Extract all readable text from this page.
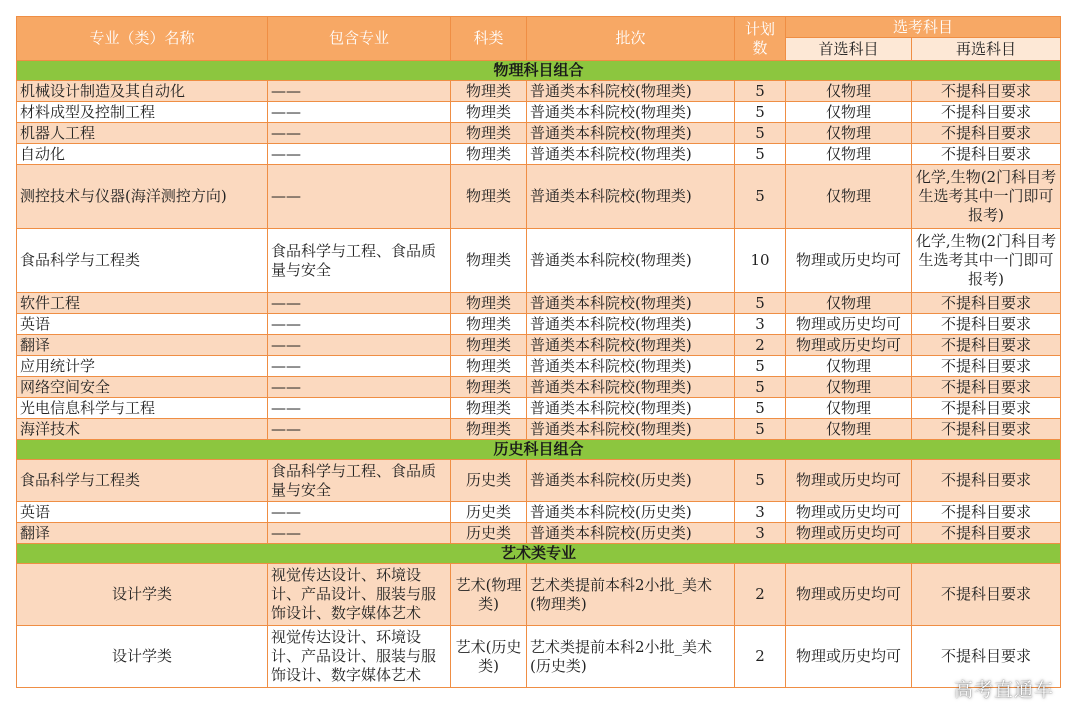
专业（类）名称	包含专业	科类	批次	计划数	选考科目	
					首选科目	再选科目
物理科目组合						
机械设计制造及其自动化	——	物理类	普通类本科院校(物理类)	5	仅物理	不提科目要求
材料成型及控制工程	——	物理类	普通类本科院校(物理类)	5	仅物理	不提科目要求
机器人工程	——	物理类	普通类本科院校(物理类)	5	仅物理	不提科目要求
自动化	——	物理类	普通类本科院校(物理类)	5	仅物理	不提科目要求
测控技术与仪器(海洋测控方向)	——	物理类	普通类本科院校(物理类)	5	仅物理	化学,生物(2门科目考生选考其中一门即可报考)
食品科学与工程类	食品科学与工程、食品质量与安全	物理类	普通类本科院校(物理类)	10	物理或历史均可	化学,生物(2门科目考生选考其中一门即可报考)
软件工程	——	物理类	普通类本科院校(物理类)	5	仅物理	不提科目要求
英语	——	物理类	普通类本科院校(物理类)	3	物理或历史均可	不提科目要求
翻译	——	物理类	普通类本科院校(物理类)	2	物理或历史均可	不提科目要求
应用统计学	——	物理类	普通类本科院校(物理类)	5	仅物理	不提科目要求
网络空间安全	——	物理类	普通类本科院校(物理类)	5	仅物理	不提科目要求
光电信息科学与工程	——	物理类	普通类本科院校(物理类)	5	仅物理	不提科目要求
海洋技术	——	物理类	普通类本科院校(物理类)	5	仅物理	不提科目要求
历史科目组合						
食品科学与工程类	食品科学与工程、食品质量与安全	历史类	普通类本科院校(历史类)	5	物理或历史均可	不提科目要求
英语	——	历史类	普通类本科院校(历史类)	3	物理或历史均可	不提科目要求
翻译	——	历史类	普通类本科院校(历史类)	3	物理或历史均可	不提科目要求
艺术类专业						
设计学类	视觉传达设计、环境设计、产品设计、服装与服饰设计、数字媒体艺术	艺术(物理类)	艺术类提前本科2小批_美术(物理类)	2	物理或历史均可	不提科目要求
设计学类	视觉传达设计、环境设计、产品设计、服装与服饰设计、数字媒体艺术	艺术(历史类)	艺术类提前本科2小批_美术(历史类)	2	物理或历史均可	不提科目要求
高考直通车
